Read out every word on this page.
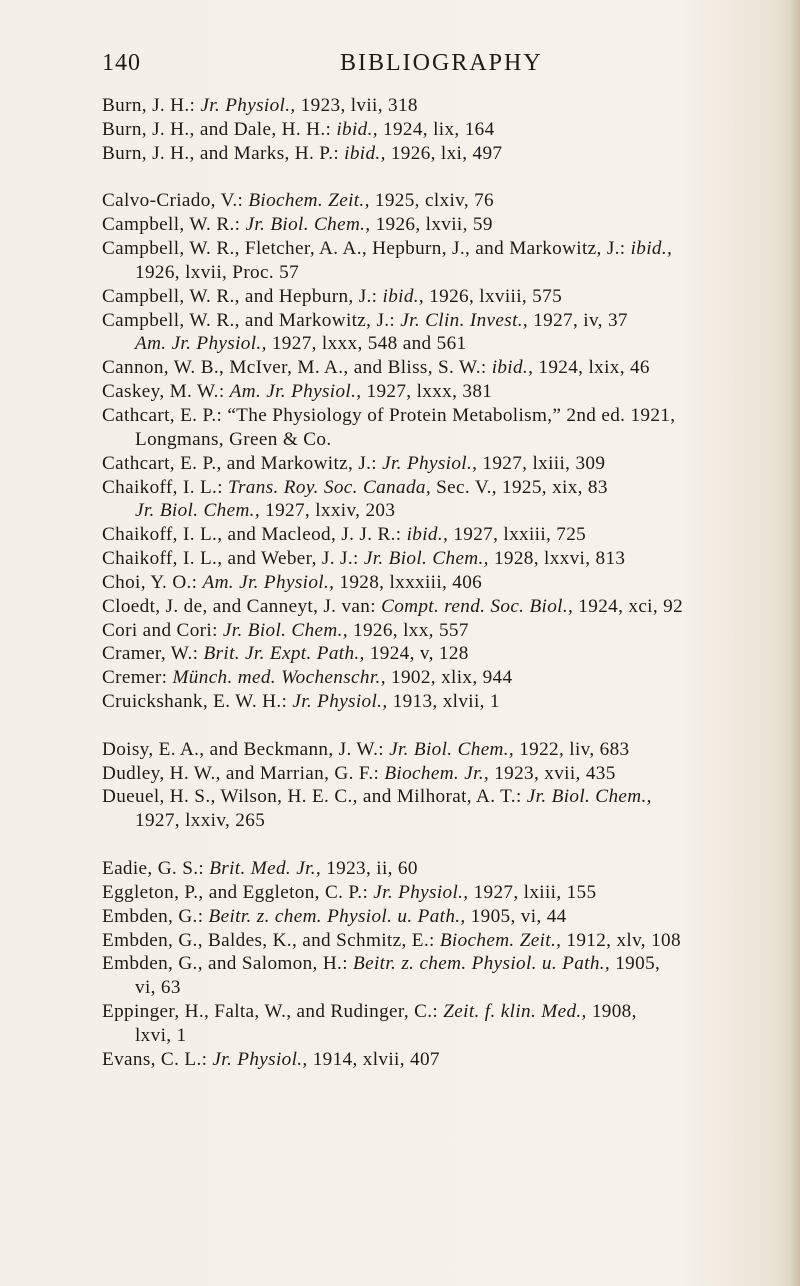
140	BIBLIOGRAPHY
Burn, J. H.: Jr. Physiol., 1923, lvii, 318
Burn, J. H., and Dale, H. H.: ibid., 1924, lix, 164
Burn, J. H., and Marks, H. P.: ibid., 1926, lxi, 497
Calvo-Criado, V.: Biochem. Zeit., 1925, clxiv, 76
Campbell, W. R.: Jr. Biol. Chem., 1926, lxvii, 59
Campbell, W. R., Fletcher, A. A., Hepburn, J., and Markowitz, J.: ibid.,
1926, lxvii, Proc. 57
Campbell, W. R., and Hepburn, J.: ibid., 1926, lxviii, 575
Campbell, W. R., and Markowitz, J.: Jr. Clin. Invest., 1927, iv, 37
Am. Jr. Physiol., 1927, lxxx, 548 and 561
Cannon, W. B., McIver, M. A., and Bliss, S. W.: ibid., 1924, lxix, 46
Caskey, M. W.: Am. Jr. Physiol., 1927, lxxx, 381
Cathcart, E. P.: “The Physiology of Protein Metabolism,” 2nd ed. 1921,
Longmans, Green & Co.
Cathcart, E. P., and Markowitz, J.: Jr. Physiol., 1927, lxiii, 309
Chaikoff, I. L.: Trans. Roy. Soc. Canada, Sec. V., 1925, xix, 83
Jr. Biol. Chem., 1927, lxxiv, 203
Chaikoff, I. L., and Macleod, J. J. R.: ibid., 1927, lxxiii, 725
Chaikoff, I. L., and Weber, J. J.: Jr. Biol. Chem., 1928, lxxvi, 813
Choi, Y. O.: Am. Jr. Physiol., 1928, lxxxiii, 406
Cloedt, J. de, and Canneyt, J. van: Compt. rend. Soc. Biol., 1924, xci, 92
Cori and Cori: Jr. Biol. Chem., 1926, lxx, 557
Cramer, W.: Brit. Jr. Expt. Path., 1924, v, 128
Cremer: Münch. med. Wochenschr., 1902, xlix, 944
Cruickshank, E. W. H.: Jr. Physiol., 1913, xlvii, 1
Doisy, E. A., and Beckmann, J. W.: Jr. Biol. Chem., 1922, liv, 683
Dudley, H. W., and Marrian, G. F.: Biochem. Jr., 1923, xvii, 435
Dueuel, H. S., Wilson, H. E. C., and Milhorat, A. T.: Jr. Biol. Chem.,
1927, lxxiv, 265
Eadie, G. S.: Brit. Med. Jr., 1923, ii, 60
Eggleton, P., and Eggleton, C. P.: Jr. Physiol., 1927, lxiii, 155
Embden, G.: Beitr. z. chem. Physiol. u. Path., 1905, vi, 44
Embden, G., Baldes, K., and Schmitz, E.: Biochem. Zeit., 1912, xlv, 108
Embden, G., and Salomon, H.: Beitr. z. chem. Physiol. u. Path., 1905,
vi, 63
Eppinger, H., Falta, W., and Rudinger, C.: Zeit. f. klin. Med., 1908,
lxvi, 1
Evans, C. L.: Jr. Physiol., 1914, xlvii, 407
